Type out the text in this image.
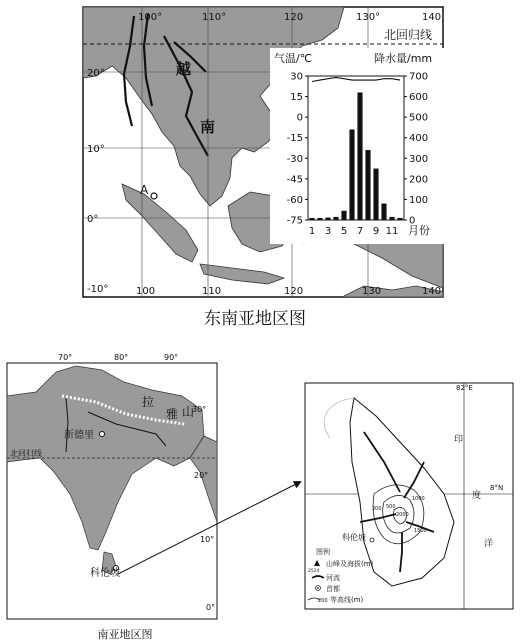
100°	110°	120	130°	140
100	110	120	130	140
20°
10°
0°
-10°
北回归线
越
南
A
气温/℃	降水量/mm
30
15
0
-15
-30
-45
-60
-75
700
600
500
400
300
200
100
0
1 3 5 7 9 11 月份
东南亚地区图
70°	80°	90°
30°
20°
10°
0°
北回归线
拉
雅 山
新德里
科伦坡
82°E
8°N
印
度
洋
科伦坡
200 500
1000
2000
1500
图例
2524
山峰及海拔(m)
河流
首都
200 等高线(m)
南亚地区图
